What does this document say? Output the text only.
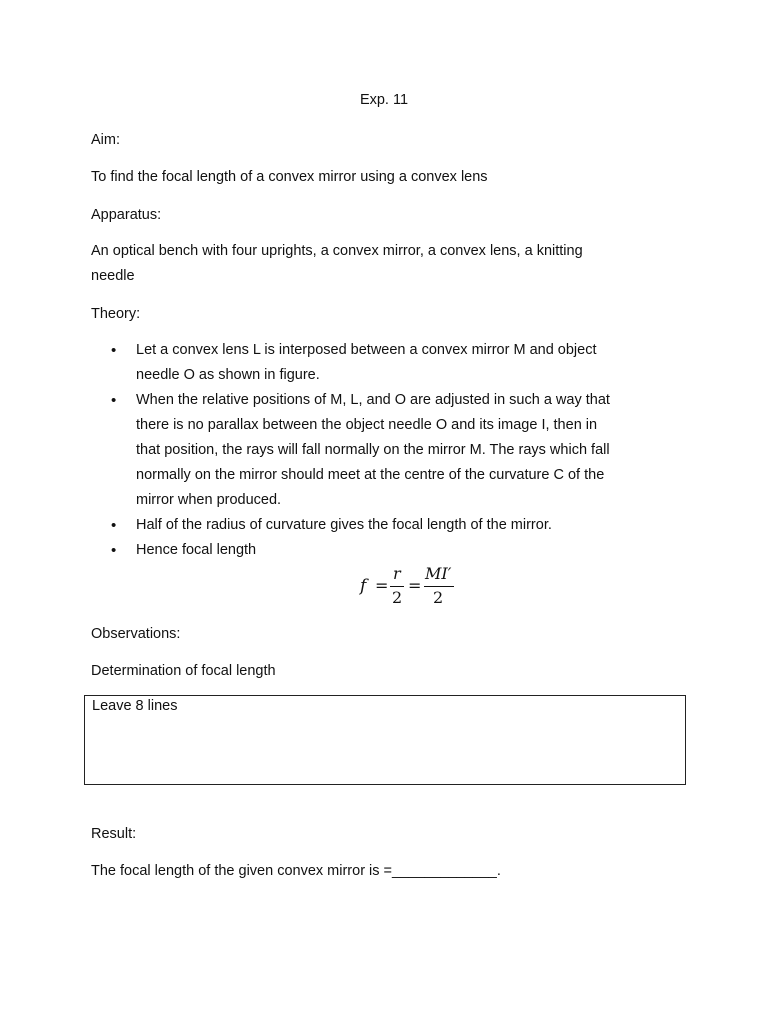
Exp. 11

Aim:

To find the focal length of a convex mirror using a convex lens

Apparatus:

An optical bench with four uprights, a convex mirror, a convex lens, a knitting

needle

Theory:

• Let a convex lens L is interposed between a convex mirror M and object
needle O as shown in figure.
• When the relative positions of M, L, and O are adjusted in such a way that
there is no parallax between the object needle O and its image I, then in
that position, the rays will fall normally on the mirror M. The rays which fall
normally on the mirror should meet at the centre of the curvature C of the
mirror when produced.
• Half of the radius of curvature gives the focal length of the mirror.
• Hence focal length
f =
r
2
=
MI′
2

Observations:

Determination of focal length

Leave 8 lines

Result:

The focal length of the given convex mirror is =_____________.
